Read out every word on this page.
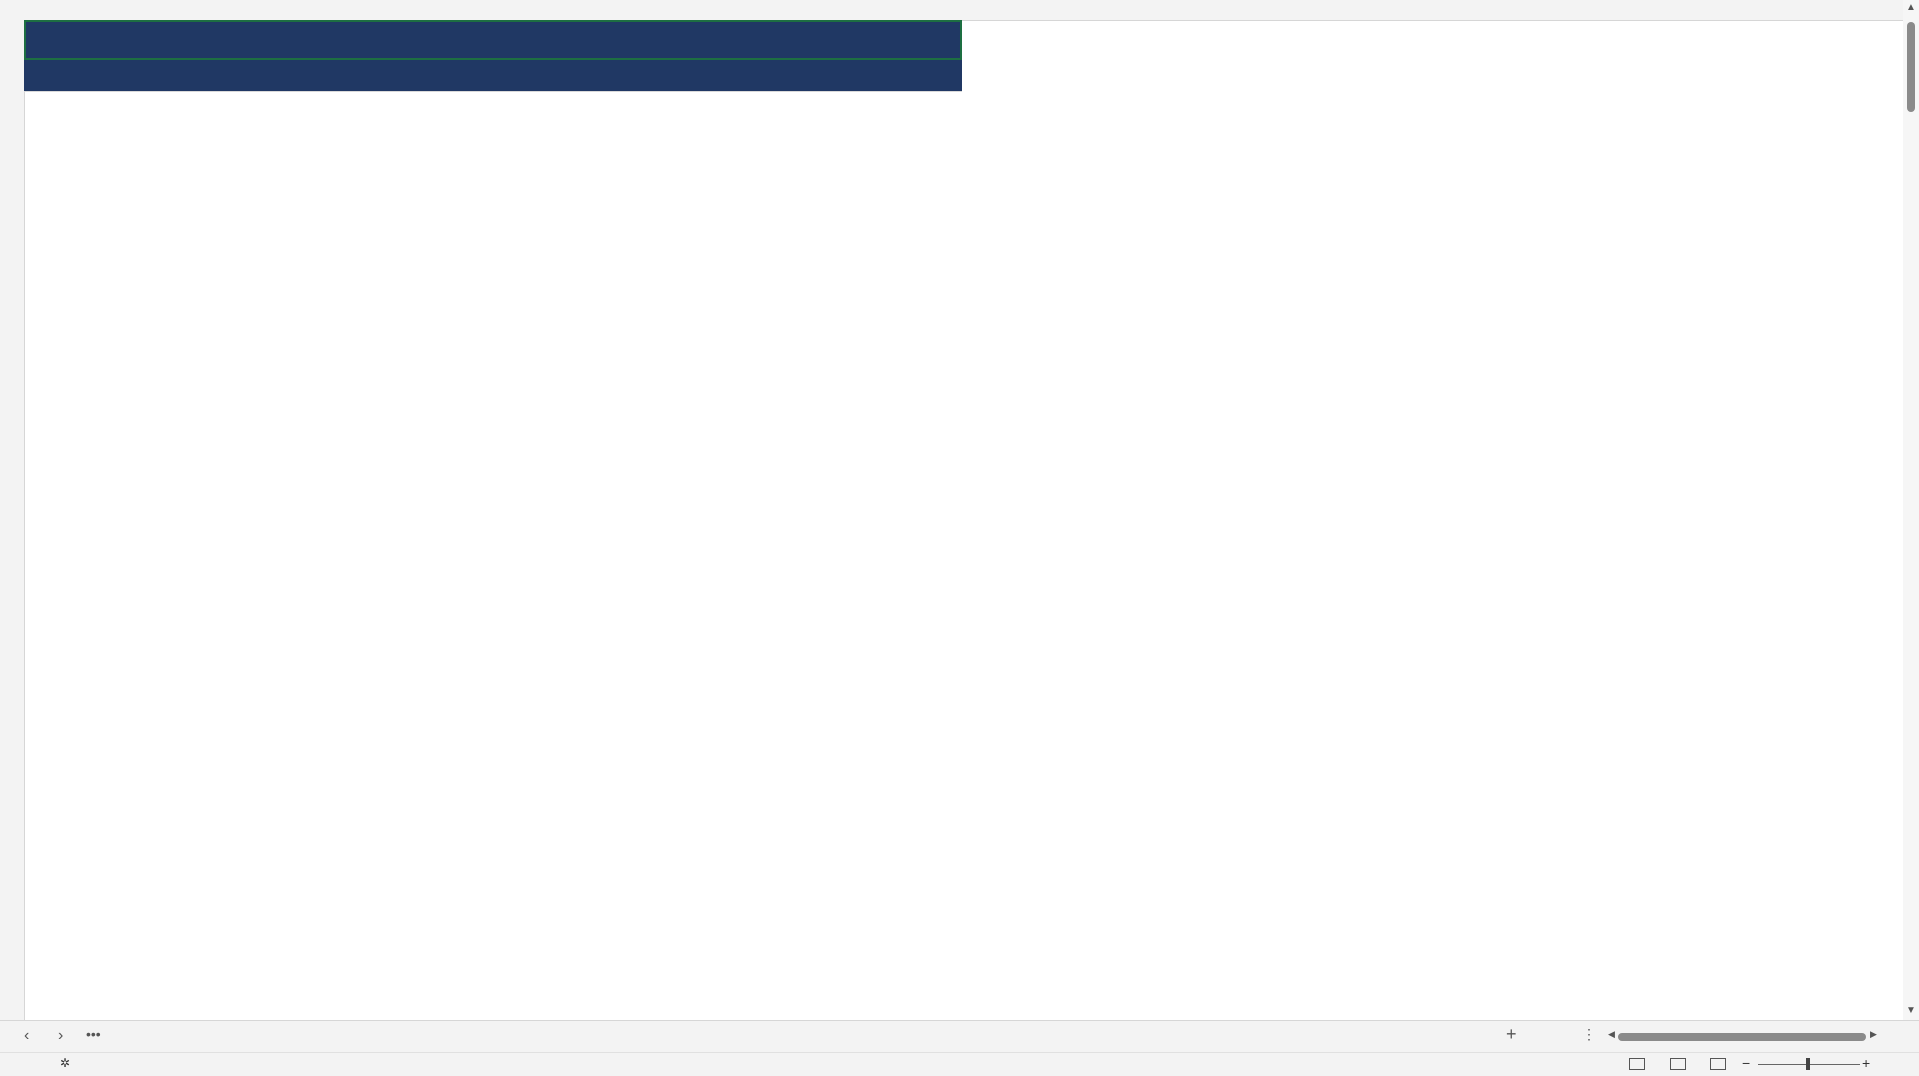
▲
▼
‹ › •••	+	⋮ ◀	▶
✲	−	+
